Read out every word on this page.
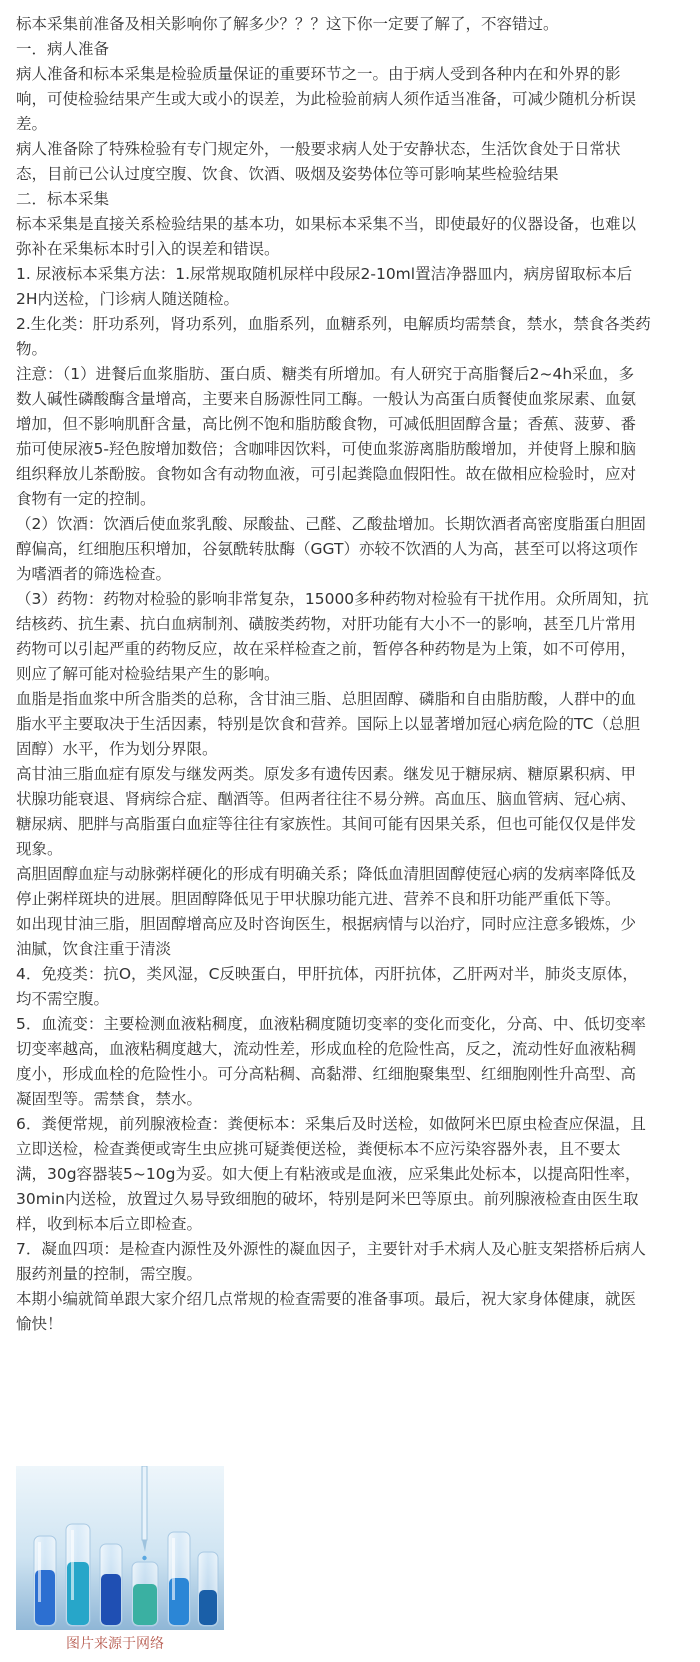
标本采集前准备及相关影响你了解多少？？？这下你一定要了解了，不容错过。

一．病人准备

病人准备和标本采集是检验质量保证的重要环节之一。由于病人受到各种内在和外界的影

响，可使检验结果产生或大或小的误差，为此检验前病人须作适当准备，可减少随机分析误

差。

病人准备除了特殊检验有专门规定外，一般要求病人处于安静状态，生活饮食处于日常状

态，目前已公认过度空腹、饮食、饮酒、吸烟及姿势体位等可影响某些检验结果

二．标本采集

标本采集是直接关系检验结果的基本功，如果标本采集不当，即使最好的仪器设备，也难以

弥补在采集标本时引入的误差和错误。

1. 尿液标本采集方法：1.尿常规取随机尿样中段尿2-10ml置洁净器皿内，病房留取标本后

2H内送检，门诊病人随送随检。

2.生化类：肝功系列，肾功系列，血脂系列，血糖系列，电解质均需禁食，禁水，禁食各类药

物。

注意：（1）进餐后血浆脂肪、蛋白质、糖类有所增加。有人研究于高脂餐后2~4h采血，多

数人碱性磷酸酶含量增高，主要来自肠源性同工酶。一般认为高蛋白质餐使血浆尿素、血氨

增加，但不影响肌酐含量，高比例不饱和脂肪酸食物，可减低胆固醇含量；香蕉、菠萝、番

茄可使尿液5-羟色胺增加数倍；含咖啡因饮料，可使血浆游离脂肪酸增加，并使肾上腺和脑

组织释放儿茶酚胺。食物如含有动物血液，可引起粪隐血假阳性。故在做相应检验时，应对

食物有一定的控制。

（2）饮酒：饮酒后使血浆乳酸、尿酸盐、己醛、乙酸盐增加。长期饮酒者高密度脂蛋白胆固

醇偏高，红细胞压积增加，谷氨酰转肽酶（GGT）亦较不饮酒的人为高，甚至可以将这项作

为嗜酒者的筛选检查。

（3）药物：药物对检验的影响非常复杂，15000多种药物对检验有干扰作用。众所周知，抗

结核药、抗生素、抗白血病制剂、磺胺类药物，对肝功能有大小不一的影响，甚至几片常用

药物可以引起严重的药物反应，故在采样检查之前，暂停各种药物是为上策，如不可停用，

则应了解可能对检验结果产生的影响。

血脂是指血浆中所含脂类的总称，含甘油三脂、总胆固醇、磷脂和自由脂肪酸，人群中的血

脂水平主要取决于生活因素，特别是饮食和营养。国际上以显著增加冠心病危险的TC（总胆

固醇）水平，作为划分界限。

高甘油三脂血症有原发与继发两类。原发多有遗传因素。继发见于糖尿病、糖原累积病、甲

状腺功能衰退、肾病综合症、酗酒等。但两者往往不易分辨。高血压、脑血管病、冠心病、

糖尿病、肥胖与高脂蛋白血症等往往有家族性。其间可能有因果关系，但也可能仅仅是伴发

现象。

高胆固醇血症与动脉粥样硬化的形成有明确关系；降低血清胆固醇使冠心病的发病率降低及

停止粥样斑块的进展。胆固醇降低见于甲状腺功能亢进、营养不良和肝功能严重低下等。

如出现甘油三脂，胆固醇增高应及时咨询医生，根据病情与以治疗，同时应注意多锻炼，少

油腻，饮食注重于清淡

4．免疫类：抗O，类风湿，C反映蛋白，甲肝抗体，丙肝抗体，乙肝两对半，肺炎支原体，

均不需空腹。

5．血流变：主要检测血液粘稠度，血液粘稠度随切变率的变化而变化，分高、中、低切变率

切变率越高，血液粘稠度越大，流动性差，形成血栓的危险性高，反之，流动性好血液粘稠

度小，形成血栓的危险性小。可分高粘稠、高黏滞、红细胞聚集型、红细胞刚性升高型、高

凝固型等。需禁食，禁水。

6．粪便常规，前列腺液检查：粪便标本：采集后及时送检，如做阿米巴原虫检查应保温，且

立即送检，检查粪便或寄生虫应挑可疑粪便送检，粪便标本不应污染容器外表，且不要太

满，30g容器装5~10g为妥。如大便上有粘液或是血液，应采集此处标本，以提高阳性率，

30min内送检，放置过久易导致细胞的破坏，特别是阿米巴等原虫。前列腺液检查由医生取

样，收到标本后立即检查。

7．凝血四项：是检查内源性及外源性的凝血因子，主要针对手术病人及心脏支架搭桥后病人

服药剂量的控制，需空腹。

本期小编就简单跟大家介绍几点常规的检查需要的准备事项。最后，祝大家身体健康，就医

愉快！

图片来源于网络
